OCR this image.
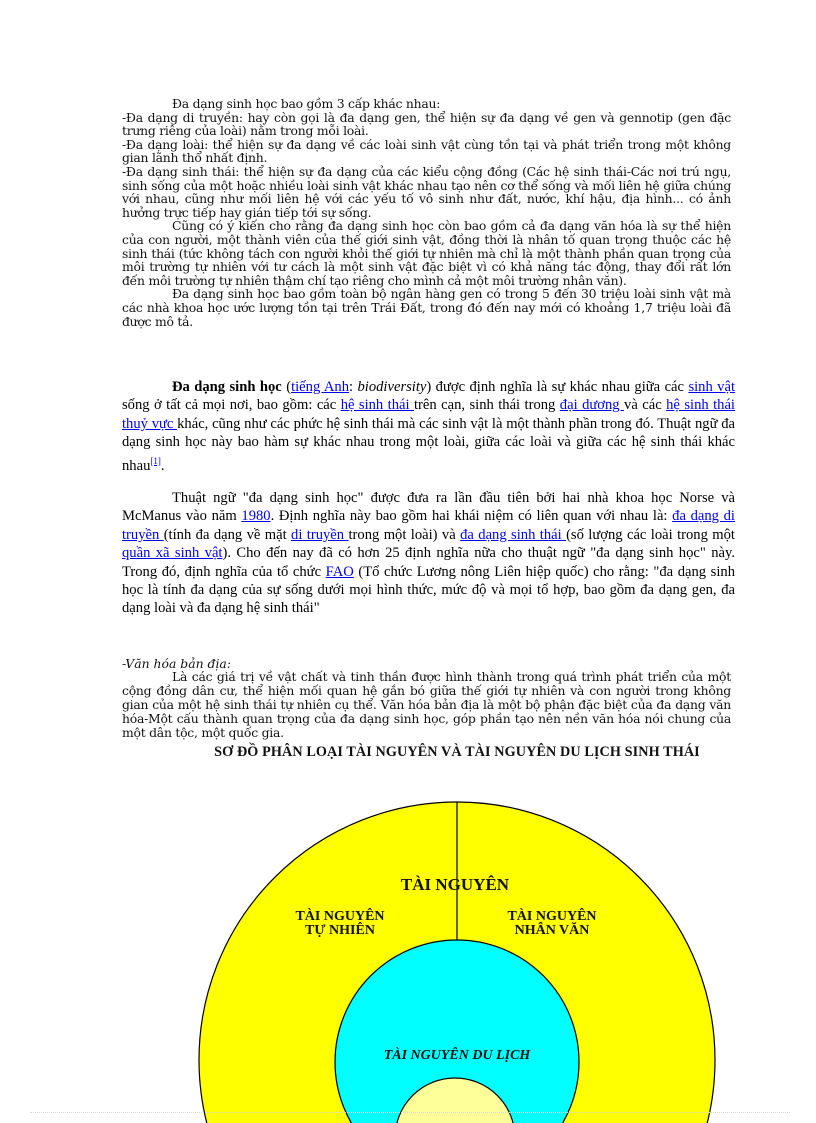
Đa dạng sinh học bao gồm 3 cấp khác nhau:

-Đa dạng di truyền: hay còn gọi là đa dạng gen, thể hiện sự đa dạng về gen và gennotip (gen đặc trưng riêng của loài) nằm trong mỗi loài.

-Đa dạng loài: thể hiện sự đa dạng về các loài sinh vật cùng tồn tại và phát triển trong một không gian lãnh thổ nhất định.

-Đa dạng sinh thái: thể hiện sự đa dạng của các kiểu cộng đồng (Các hệ sinh thái-Các nơi trú ngụ, sinh sống của một hoặc nhiều loài sinh vật khác nhau tạo nên cơ thể sống và mối liên hệ giữa chúng với nhau, cũng như mối liên hệ với các yếu tố vô sinh như đất, nước, khí hậu, địa hình... có ảnh hưởng trực tiếp hay gián tiếp tới sự sống.

Cũng có ý kiến cho rằng đa dạng sinh học còn bao gồm cả đa dạng văn hóa là sự thể hiện của con người, một thành viên của thế giới sinh vật, đồng thời là nhân tố quan trọng thuộc các hệ sinh thái (tức không tách con người khỏi thế giới tự nhiên mà chỉ là một thành phần quan trọng của môi trường tự nhiên với tư cách là một sinh vật đặc biệt vì có khả năng tác động, thay đổi rất lớn đến môi trường tự nhiên thậm chí tạo riêng cho mình cả một môi trường nhân văn).

Đa dạng sinh học bao gồm toàn bộ ngân hàng gen có trong 5 đến 30 triệu loài sinh vật mà các nhà khoa học ước lượng tồn tại trên Trái Đất, trong đó đến nay mới có khoảng 1,7 triệu loài đã được mô tả.

Đa dạng sinh học (tiếng Anh: biodiversity) được định nghĩa là sự khác nhau giữa các sinh vật sống ở tất cả mọi nơi, bao gồm: các hệ sinh thái trên cạn, sinh thái trong đại dương và các hệ sinh thái thuỷ vực khác, cũng như các phức hệ sinh thái mà các sinh vật là một thành phần trong đó. Thuật ngữ đa dạng sinh học này bao hàm sự khác nhau trong một loài, giữa các loài và giữa các hệ sinh thái khác nhau[1].

Thuật ngữ "đa dạng sinh học" được đưa ra lần đầu tiên bởi hai nhà khoa học Norse và McManus vào năm 1980. Định nghĩa này bao gồm hai khái niệm có liên quan với nhau là: đa dạng di truyền (tính đa dạng về mặt di truyền trong một loài) và đa dạng sinh thái (số lượng các loài trong một quần xã sinh vật). Cho đến nay đã có hơn 25 định nghĩa nữa cho thuật ngữ "đa dạng sinh học" này. Trong đó, định nghĩa của tổ chức FAO (Tổ chức Lương nông Liên hiệp quốc) cho rằng: "đa dạng sinh học là tính đa dạng của sự sống dưới mọi hình thức, mức độ và mọi tổ hợp, bao gồm đa dạng gen, đa dạng loài và đa dạng hệ sinh thái"

-Văn hóa bản địa:

Là các giá trị về vật chất và tinh thần được hình thành trong quá trình phát triển của một cộng đồng dân cư, thể hiện mối quan hệ gắn bó giữa thế giới tự nhiên và con người trong không gian của một hệ sinh thái tự nhiên cụ thể. Văn hóa bản địa là một bộ phận đặc biệt của đa dạng văn hóa-Một cấu thành quan trọng của đa dạng sinh học, góp phần tạo nên nền văn hóa nói chung của một dân tộc, một quốc gia.

SƠ ĐỒ PHÂN LOẠI TÀI NGUYÊN VÀ TÀI NGUYÊN DU LỊCH SINH THÁI
TÀI NGUYÊN
TÀI NGUYÊN
TỰ NHIÊN
TÀI NGUYÊN
NHÂN VĂN
TÀI NGUYÊN DU LỊCH
